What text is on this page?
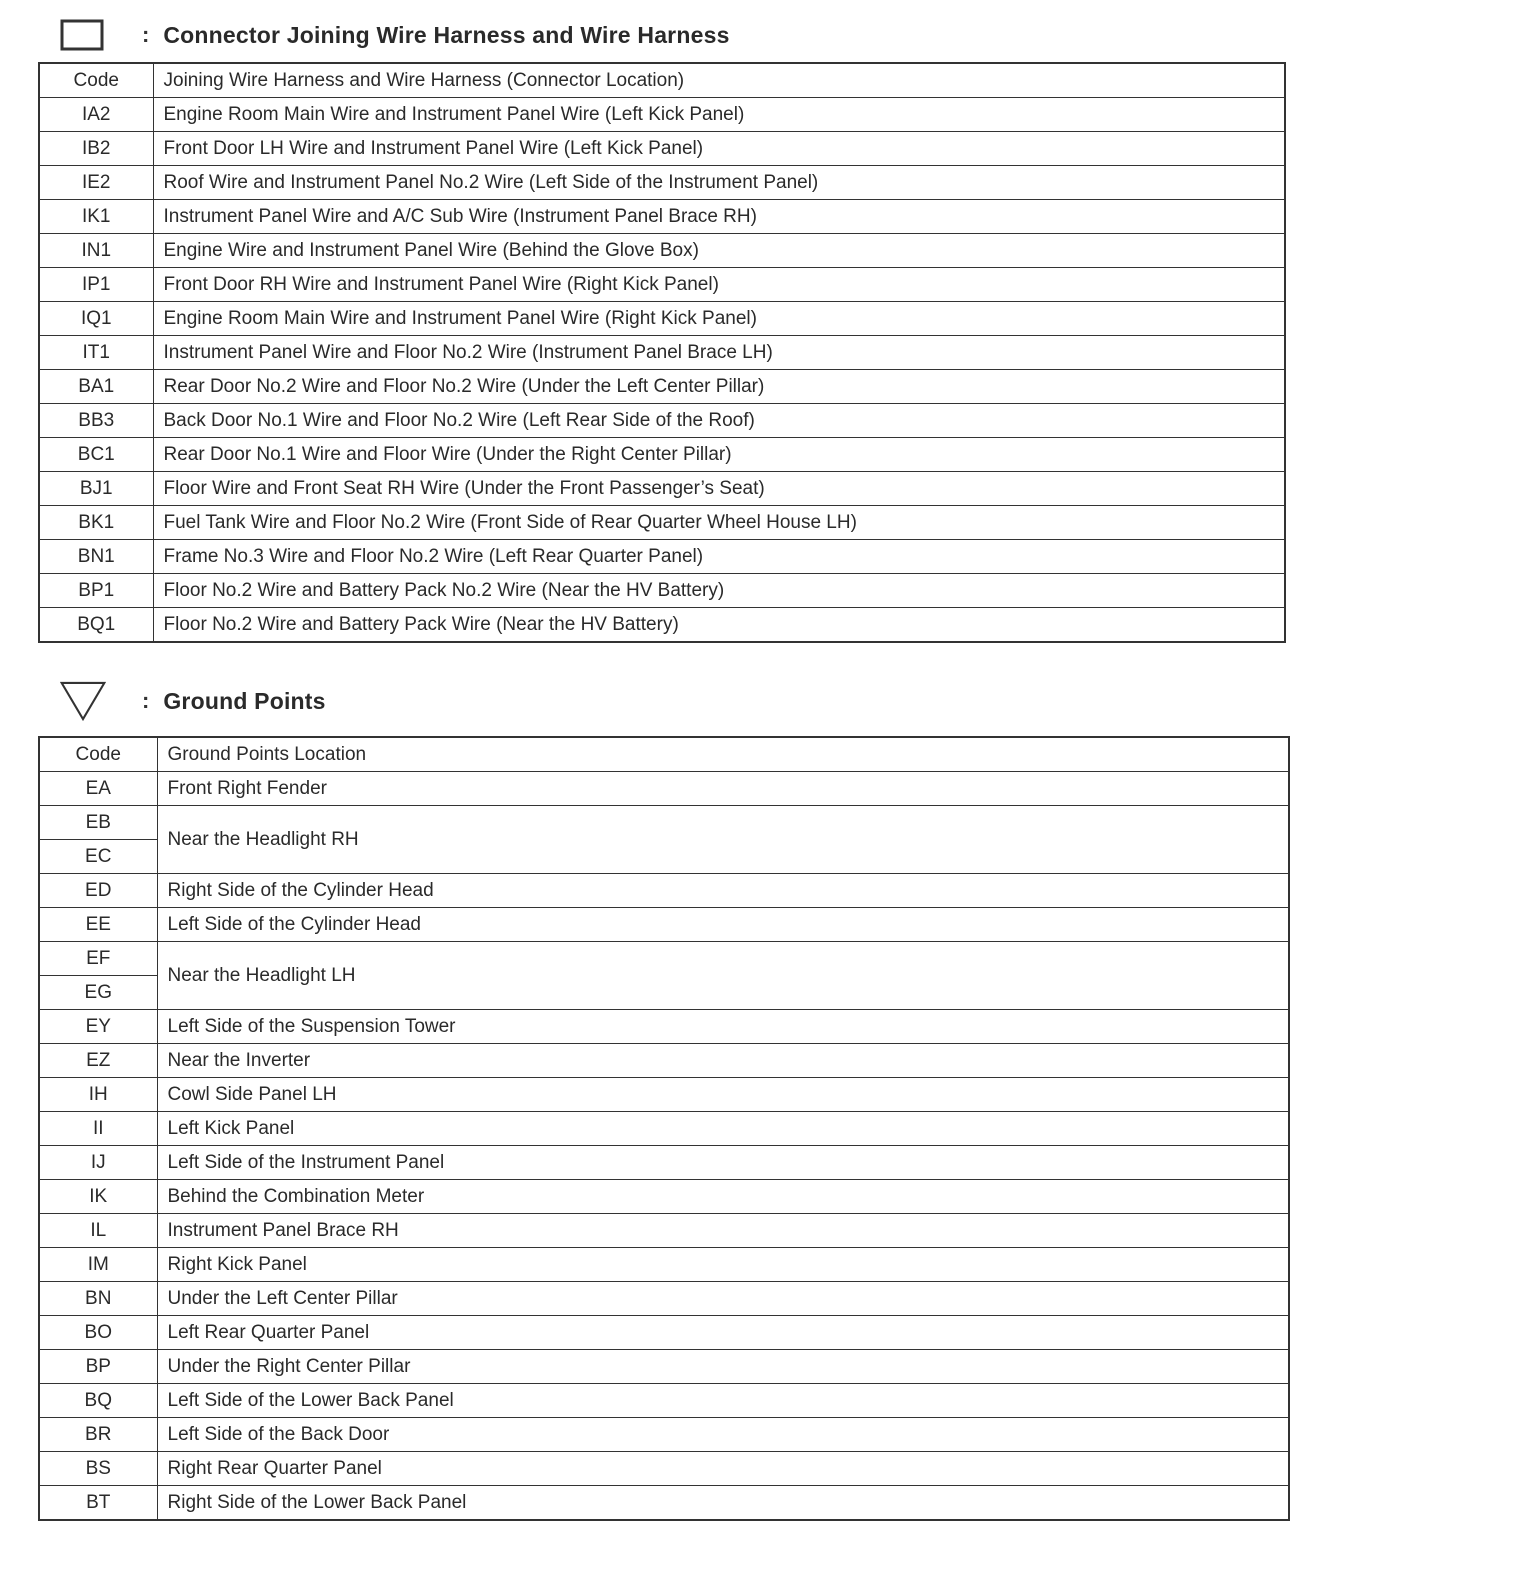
: Connector Joining Wire Harness and Wire Harness
Code	Joining Wire Harness and Wire Harness (Connector Location)
IA2	Engine Room Main Wire and Instrument Panel Wire (Left Kick Panel)
IB2	Front Door LH Wire and Instrument Panel Wire (Left Kick Panel)
IE2	Roof Wire and Instrument Panel No.2 Wire (Left Side of the Instrument Panel)
IK1	Instrument Panel Wire and A/C Sub Wire (Instrument Panel Brace RH)
IN1	Engine Wire and Instrument Panel Wire (Behind the Glove Box)
IP1	Front Door RH Wire and Instrument Panel Wire (Right Kick Panel)
IQ1	Engine Room Main Wire and Instrument Panel Wire (Right Kick Panel)
IT1	Instrument Panel Wire and Floor No.2 Wire (Instrument Panel Brace LH)
BA1	Rear Door No.2 Wire and Floor No.2 Wire (Under the Left Center Pillar)
BB3	Back Door No.1 Wire and Floor No.2 Wire (Left Rear Side of the Roof)
BC1	Rear Door No.1 Wire and Floor Wire (Under the Right Center Pillar)
BJ1	Floor Wire and Front Seat RH Wire (Under the Front Passenger’s Seat)
BK1	Fuel Tank Wire and Floor No.2 Wire (Front Side of Rear Quarter Wheel House LH)
BN1	Frame No.3 Wire and Floor No.2 Wire (Left Rear Quarter Panel)
BP1	Floor No.2 Wire and Battery Pack No.2 Wire (Near the HV Battery)
BQ1	Floor No.2 Wire and Battery Pack Wire (Near the HV Battery)
: Ground Points
Code	Ground Points Location
EA	Front Right Fender
EB	Near the Headlight RH
EC	
ED	Right Side of the Cylinder Head
EE	Left Side of the Cylinder Head
EF	Near the Headlight LH
EG	
EY	Left Side of the Suspension Tower
EZ	Near the Inverter
IH	Cowl Side Panel LH
II	Left Kick Panel
IJ	Left Side of the Instrument Panel
IK	Behind the Combination Meter
IL	Instrument Panel Brace RH
IM	Right Kick Panel
BN	Under the Left Center Pillar
BO	Left Rear Quarter Panel
BP	Under the Right Center Pillar
BQ	Left Side of the Lower Back Panel
BR	Left Side of the Back Door
BS	Right Rear Quarter Panel
BT	Right Side of the Lower Back Panel
